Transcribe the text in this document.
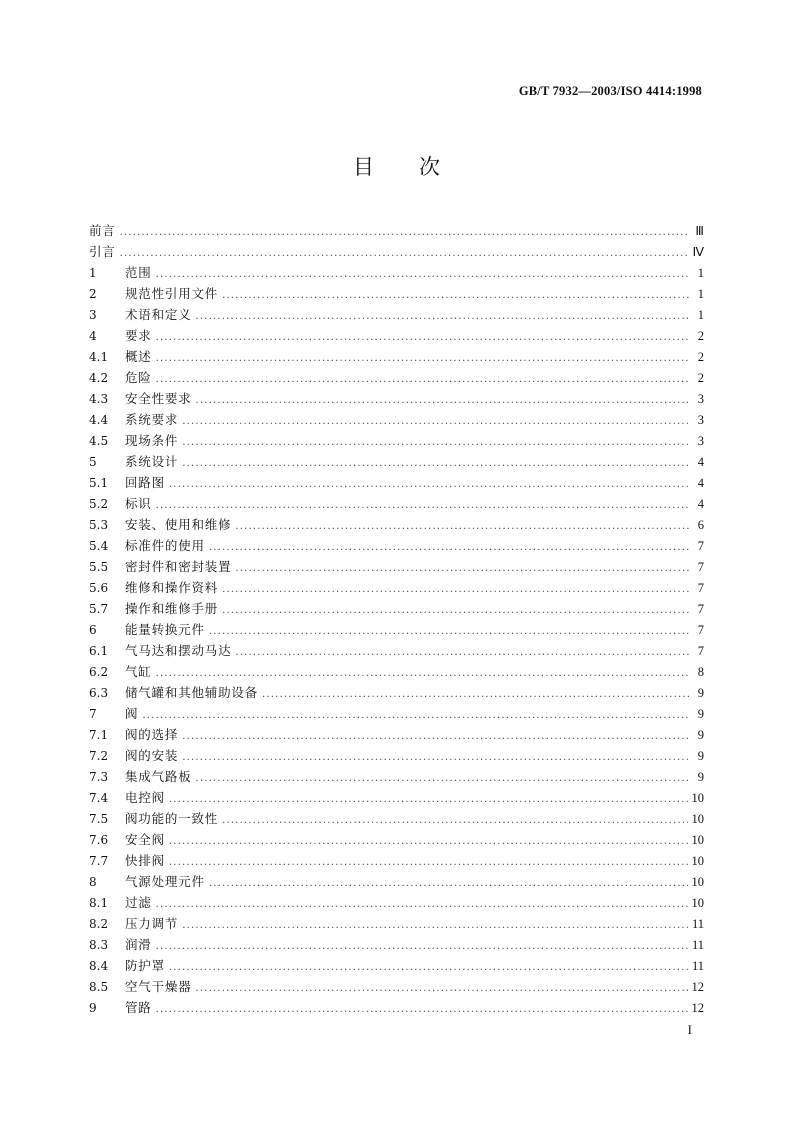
GB/T 7932—2003/ISO 4414:1998
目 次
前言 .....	Ⅲ
引言 .....	Ⅳ
1	范围 .....	1
2	规范性引用文件 .....	1
3	术语和定义 .....	1
4	要求 .....	2
4.1	概述 .....	2
4.2	危险 .....	2
4.3	安全性要求 .....	3
4.4	系统要求 .....	3
4.5	现场条件 .....	3
5	系统设计 .....	4
5.1	回路图 .....	4
5.2	标识 .....	4
5.3	安装、使用和维修 .....	6
5.4	标准件的使用 .....	7
5.5	密封件和密封装置 .....	7
5.6	维修和操作资料 .....	7
5.7	操作和维修手册 .....	7
6	能量转换元件 .....	7
6.1	气马达和摆动马达 .....	7
6.2	气缸 .....	8
6.3	储气罐和其他辅助设备 .....	9
7	阀 .....	9
7.1	阀的选择 .....	9
7.2	阀的安装 .....	9
7.3	集成气路板 .....	9
7.4	电控阀 .....	10
7.5	阀功能的一致性 .....	10
7.6	安全阀 .....	10
7.7	快排阀 .....	10
8	气源处理元件 .....	10
8.1	过滤 .....	10
8.2	压力调节 .....	11
8.3	润滑 .....	11
8.4	防护罩 .....	11
8.5	空气干燥器 .....	12
9	管路 .....	12
I
